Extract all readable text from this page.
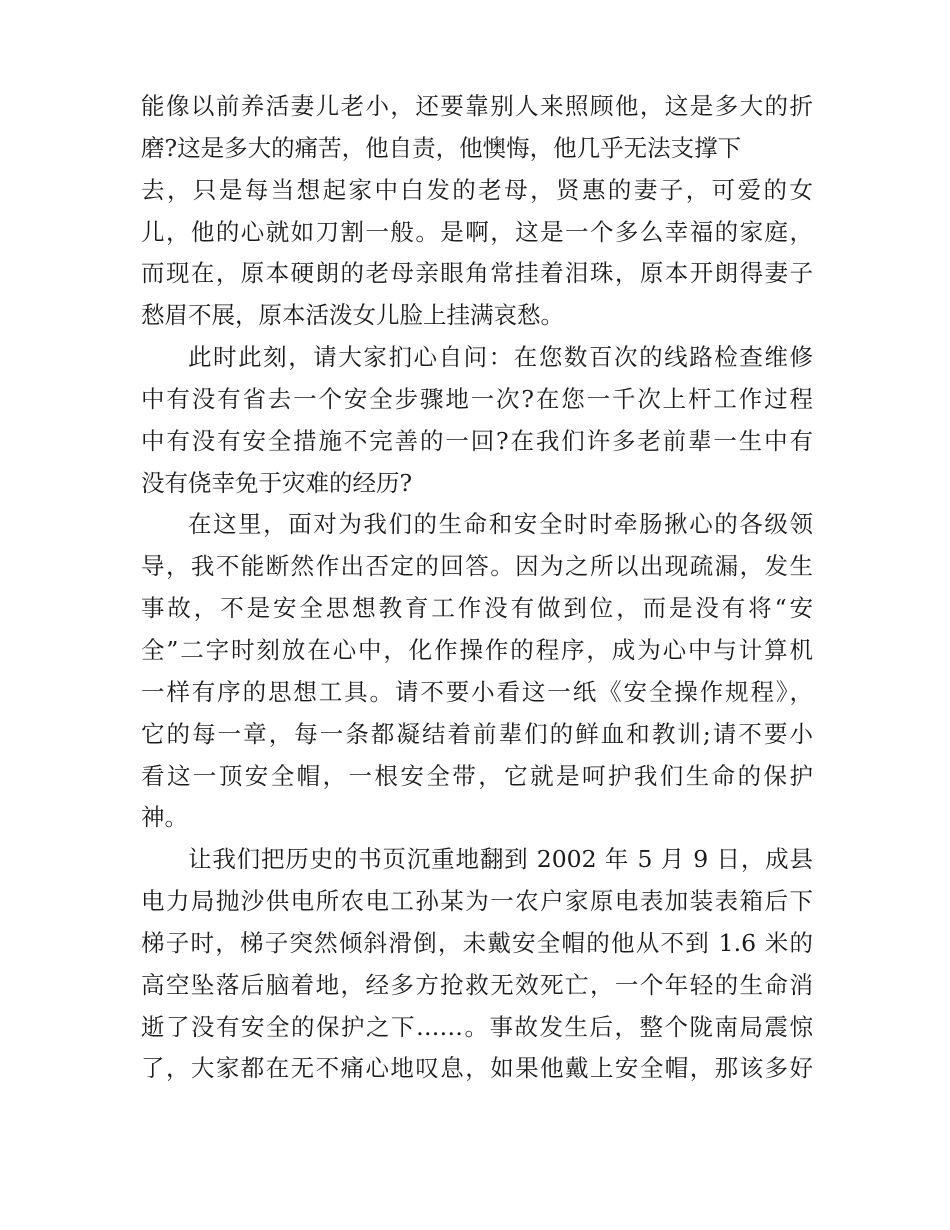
能像以前养活妻儿老小，还要靠别人来照顾他，这是多大的折
磨?这是多大的痛苦，他自责，他懊悔，他几乎无法支撑下
去，只是每当想起家中白发的老母，贤惠的妻子，可爱的女
儿，他的心就如刀割一般。是啊，这是一个多么幸福的家庭，
而现在，原本硬朗的老母亲眼角常挂着泪珠，原本开朗得妻子
愁眉不展，原本活泼女儿脸上挂满哀愁。
此时此刻，请大家扪心自问：在您数百次的线路检查维修
中有没有省去一个安全步骤地一次?在您一千次上杆工作过程
中有没有安全措施不完善的一回?在我们许多老前辈一生中有
没有侥幸免于灾难的经历?
在这里，面对为我们的生命和安全时时牵肠揪心的各级领
导，我不能断然作出否定的回答。因为之所以出现疏漏，发生
事故，不是安全思想教育工作没有做到位，而是没有将“安
全”二字时刻放在心中，化作操作的程序，成为心中与计算机
一样有序的思想工具。请不要小看这一纸《安全操作规程》，
它的每一章，每一条都凝结着前辈们的鲜血和教训;请不要小
看这一顶安全帽，一根安全带，它就是呵护我们生命的保护
神。
让我们把历史的书页沉重地翻到 2002 年 5 月 9 日，成县
电力局抛沙供电所农电工孙某为一农户家原电表加装表箱后下
梯子时，梯子突然倾斜滑倒，未戴安全帽的他从不到 1.6 米的
高空坠落后脑着地，经多方抢救无效死亡，一个年轻的生命消
逝了没有安全的保护之下……。事故发生后，整个陇南局震惊
了，大家都在无不痛心地叹息，如果他戴上安全帽，那该多好
